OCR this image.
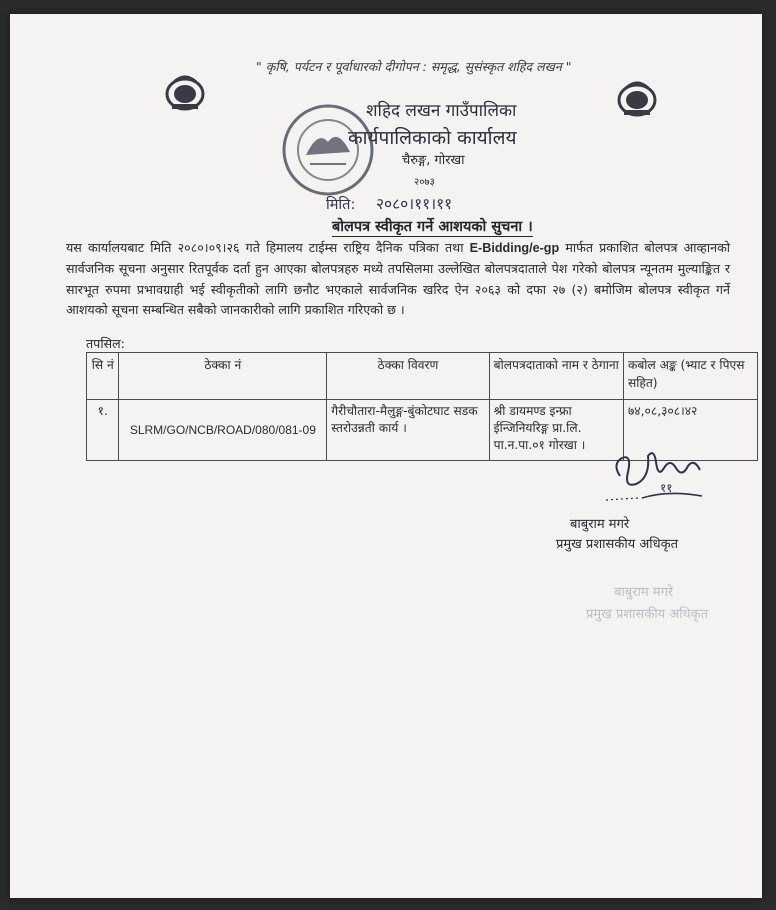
" कृषि, पर्यटन र पूर्वाधारको दीगोपन : समृद्ध, सुसंस्कृत शहिद लखन "
शहिद लखन गाउँपालिका
कार्यपालिकाको कार्यालय
चैरुङ्ग, गोरखा
२०७३
मिति: २०८०।११।११
बोलपत्र स्वीकृत गर्ने आशयको सुचना ।
यस कार्यालयबाट मिति २०८०।०९।२६ गते हिमालय टाईम्स राष्ट्रिय दैनिक पत्रिका तथा E-Bidding/e-gp मार्फत प्रकाशित बोलपत्र आव्हानको सार्वजनिक सूचना अनुसार रितपूर्वक दर्ता हुन आएका बोलपत्रहरु मध्ये तपसिलमा उल्लेखित बोलपत्रदाताले पेश गरेको बोलपत्र न्यूनतम मुल्याङ्कित र सारभूत रुपमा प्रभावग्राही भई स्वीकृतीको लागि छनौट भएकाले सार्वजनिक खरिद ऐन २०६३ को दफा २७ (२) बमोजिम बोलपत्र स्वीकृत गर्ने आशयको सूचना सम्बन्धित सबैको जानकारीको लागि प्रकाशित गरिएको छ ।
तपसिल:
सि नं	ठेक्का नं	ठेक्का विवरण	बोलपत्रदाताको नाम र ठेगाना	कबोल अङ्क (भ्याट र पिएस सहित)
१.	SLRM/GO/NCB/ROAD/080/081-09	गैरीचौतारा-मैलुङ्ग-बुंकोटघाट सडक स्तरोउन्नती कार्य ।	श्री डायमण्ड इन्फ्रा ईन्जिनियरिङ्ग प्रा.लि. पा.न.पा.०१ गोरखा ।	७४,०८,३०८।४२
११
बाबुराम मगरे
प्रमुख प्रशासकीय अधिकृत
बाबुराम मगरे
प्रमुख प्रशासकीय अधिकृत
